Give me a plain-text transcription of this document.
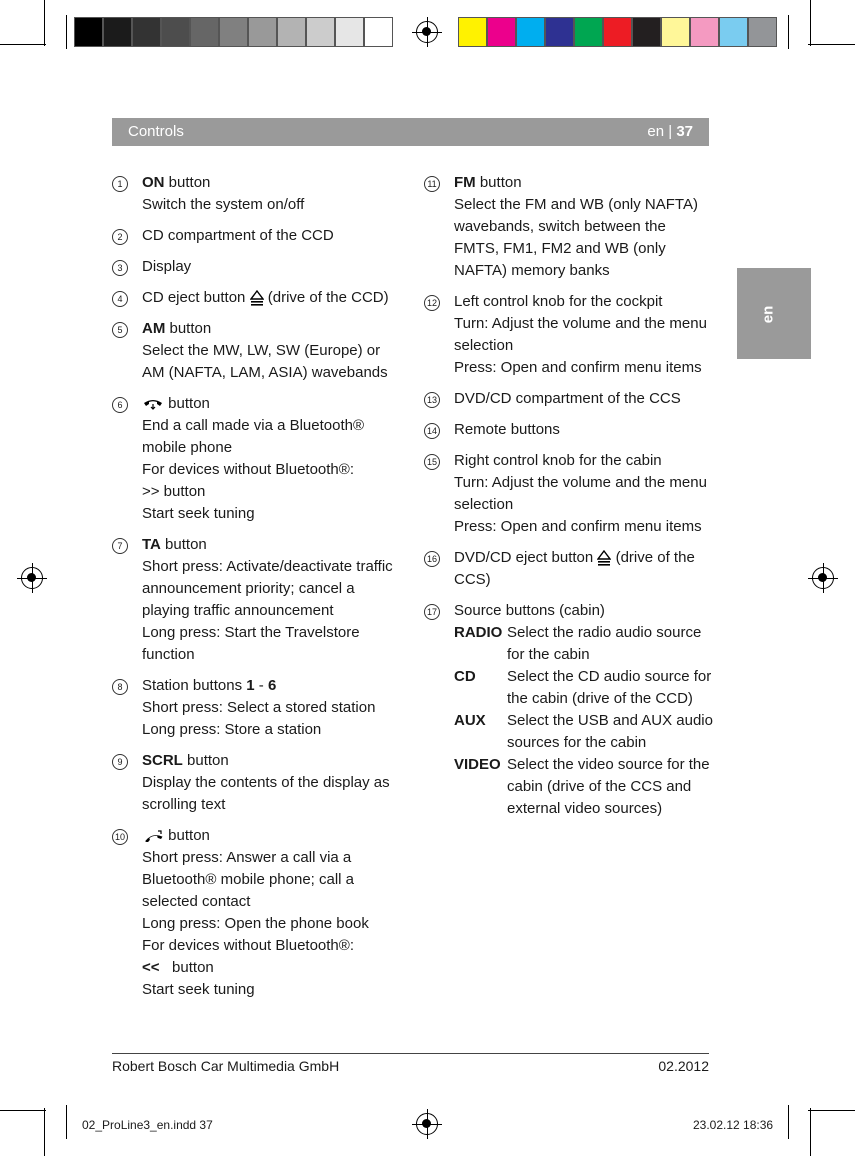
Controls	en | 37
en
1	ON button
Switch the system on/off
2	CD compartment of the CCD
3	Display
4	CD eject button (drive of the CCD)
5	AM button
Select the MW, LW, SW (Europe) or AM (NAFTA, LAM, ASIA) wavebands
6	button
End a call made via a Bluetooth® mobile phone
For devices without Bluetooth®:
>> button
Start seek tuning
7	TA button
Short press: Activate/deactivate traffic announcement priority; cancel a playing traffic announcement
Long press: Start the Travelstore function
8	Station buttons 1 - 6
Short press: Select a stored station
Long press: Store a station
9	SCRL button
Display the contents of the display as scrolling text
10	button
Short press: Answer a call via a Bluetooth® mobile phone; call a selected contact
Long press: Open the phone book
For devices without Bluetooth®:
<< button
Start seek tuning
11 FM button
Select the FM and WB (only NAFTA) wavebands, switch between the FMTS, FM1, FM2 and WB (only NAFTA) memory banks
12 Left control knob for the cockpit
Turn: Adjust the volume and the menu selection
Press: Open and confirm menu items
13 DVD/CD compartment of the CCS
14 Remote buttons
15 Right control knob for the cabin
Turn: Adjust the volume and the menu selection
Press: Open and confirm menu items
16 DVD/CD eject button (drive of the CCS)
17 Source buttons (cabin)
RADIO Select the radio audio source for the cabin
CD	Select the CD audio source for the cabin (drive of the CCD)
AUX	Select the USB and AUX audio sources for the cabin
VIDEO Select the video source for the cabin (drive of the CCS and external video sources)
Robert Bosch Car Multimedia GmbH	02.2012
02_ProLine3_en.indd 37	23.02.12 18:36
